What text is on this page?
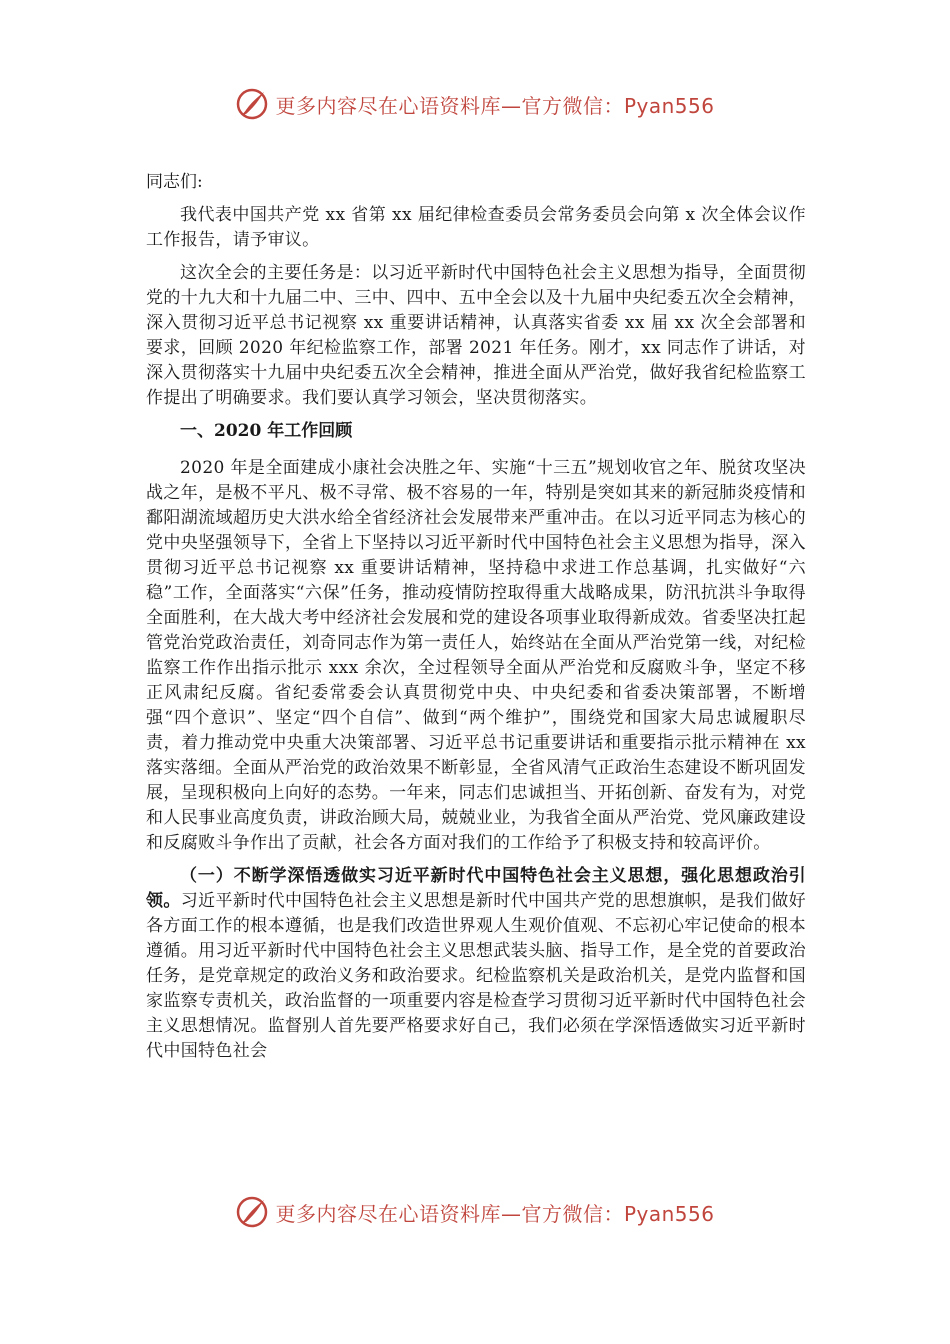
更多内容尽在心语资料库—官方微信：Pyan556

同志们:

我代表中国共产党 xx 省第 xx 届纪律检查委员会常务委员会向第 x 次全体会议作工作报告，请予审议。

这次全会的主要任务是：以习近平新时代中国特色社会主义思想为指导，全面贯彻党的十九大和十九届二中、三中、四中、五中全会以及十九届中央纪委五次全会精神，深入贯彻习近平总书记视察 xx 重要讲话精神，认真落实省委 xx 届 xx 次全会部署和要求，回顾 2020 年纪检监察工作，部署 2021 年任务。刚才，xx 同志作了讲话，对深入贯彻落实十九届中央纪委五次全会精神，推进全面从严治党，做好我省纪检监察工作提出了明确要求。我们要认真学习领会，坚决贯彻落实。

一、2020 年工作回顾

2020 年是全面建成小康社会决胜之年、实施“十三五”规划收官之年、脱贫攻坚决战之年，是极不平凡、极不寻常、极不容易的一年，特别是突如其来的新冠肺炎疫情和鄱阳湖流域超历史大洪水给全省经济社会发展带来严重冲击。在以习近平同志为核心的党中央坚强领导下，全省上下坚持以习近平新时代中国特色社会主义思想为指导，深入贯彻习近平总书记视察 xx 重要讲话精神，坚持稳中求进工作总基调，扎实做好“六稳”工作，全面落实“六保”任务，推动疫情防控取得重大战略成果，防汛抗洪斗争取得全面胜利，在大战大考中经济社会发展和党的建设各项事业取得新成效。省委坚决扛起管党治党政治责任，刘奇同志作为第一责任人，始终站在全面从严治党第一线，对纪检监察工作作出指示批示 xxx 余次，全过程领导全面从严治党和反腐败斗争，坚定不移正风肃纪反腐。省纪委常委会认真贯彻党中央、中央纪委和省委决策部署，不断增强“四个意识”、坚定“四个自信”、做到“两个维护”，围绕党和国家大局忠诚履职尽责，着力推动党中央重大决策部署、习近平总书记重要讲话和重要指示批示精神在 xx 落实落细。全面从严治党的政治效果不断彰显，全省风清气正政治生态建设不断巩固发展，呈现积极向上向好的态势。一年来，同志们忠诚担当、开拓创新、奋发有为，对党和人民事业高度负责，讲政治顾大局，兢兢业业，为我省全面从严治党、党风廉政建设和反腐败斗争作出了贡献，社会各方面对我们的工作给予了积极支持和较高评价。

（一）不断学深悟透做实习近平新时代中国特色社会主义思想，强化思想政治引领。习近平新时代中国特色社会主义思想是新时代中国共产党的思想旗帜，是我们做好各方面工作的根本遵循，也是我们改造世界观人生观价值观、不忘初心牢记使命的根本遵循。用习近平新时代中国特色社会主义思想武装头脑、指导工作，是全党的首要政治任务，是党章规定的政治义务和政治要求。纪检监察机关是政治机关，是党内监督和国家监察专责机关，政治监督的一项重要内容是检查学习贯彻习近平新时代中国特色社会主义思想情况。监督别人首先要严格要求好自己，我们必须在学深悟透做实习近平新时代中国特色社会

更多内容尽在心语资料库—官方微信：Pyan556
